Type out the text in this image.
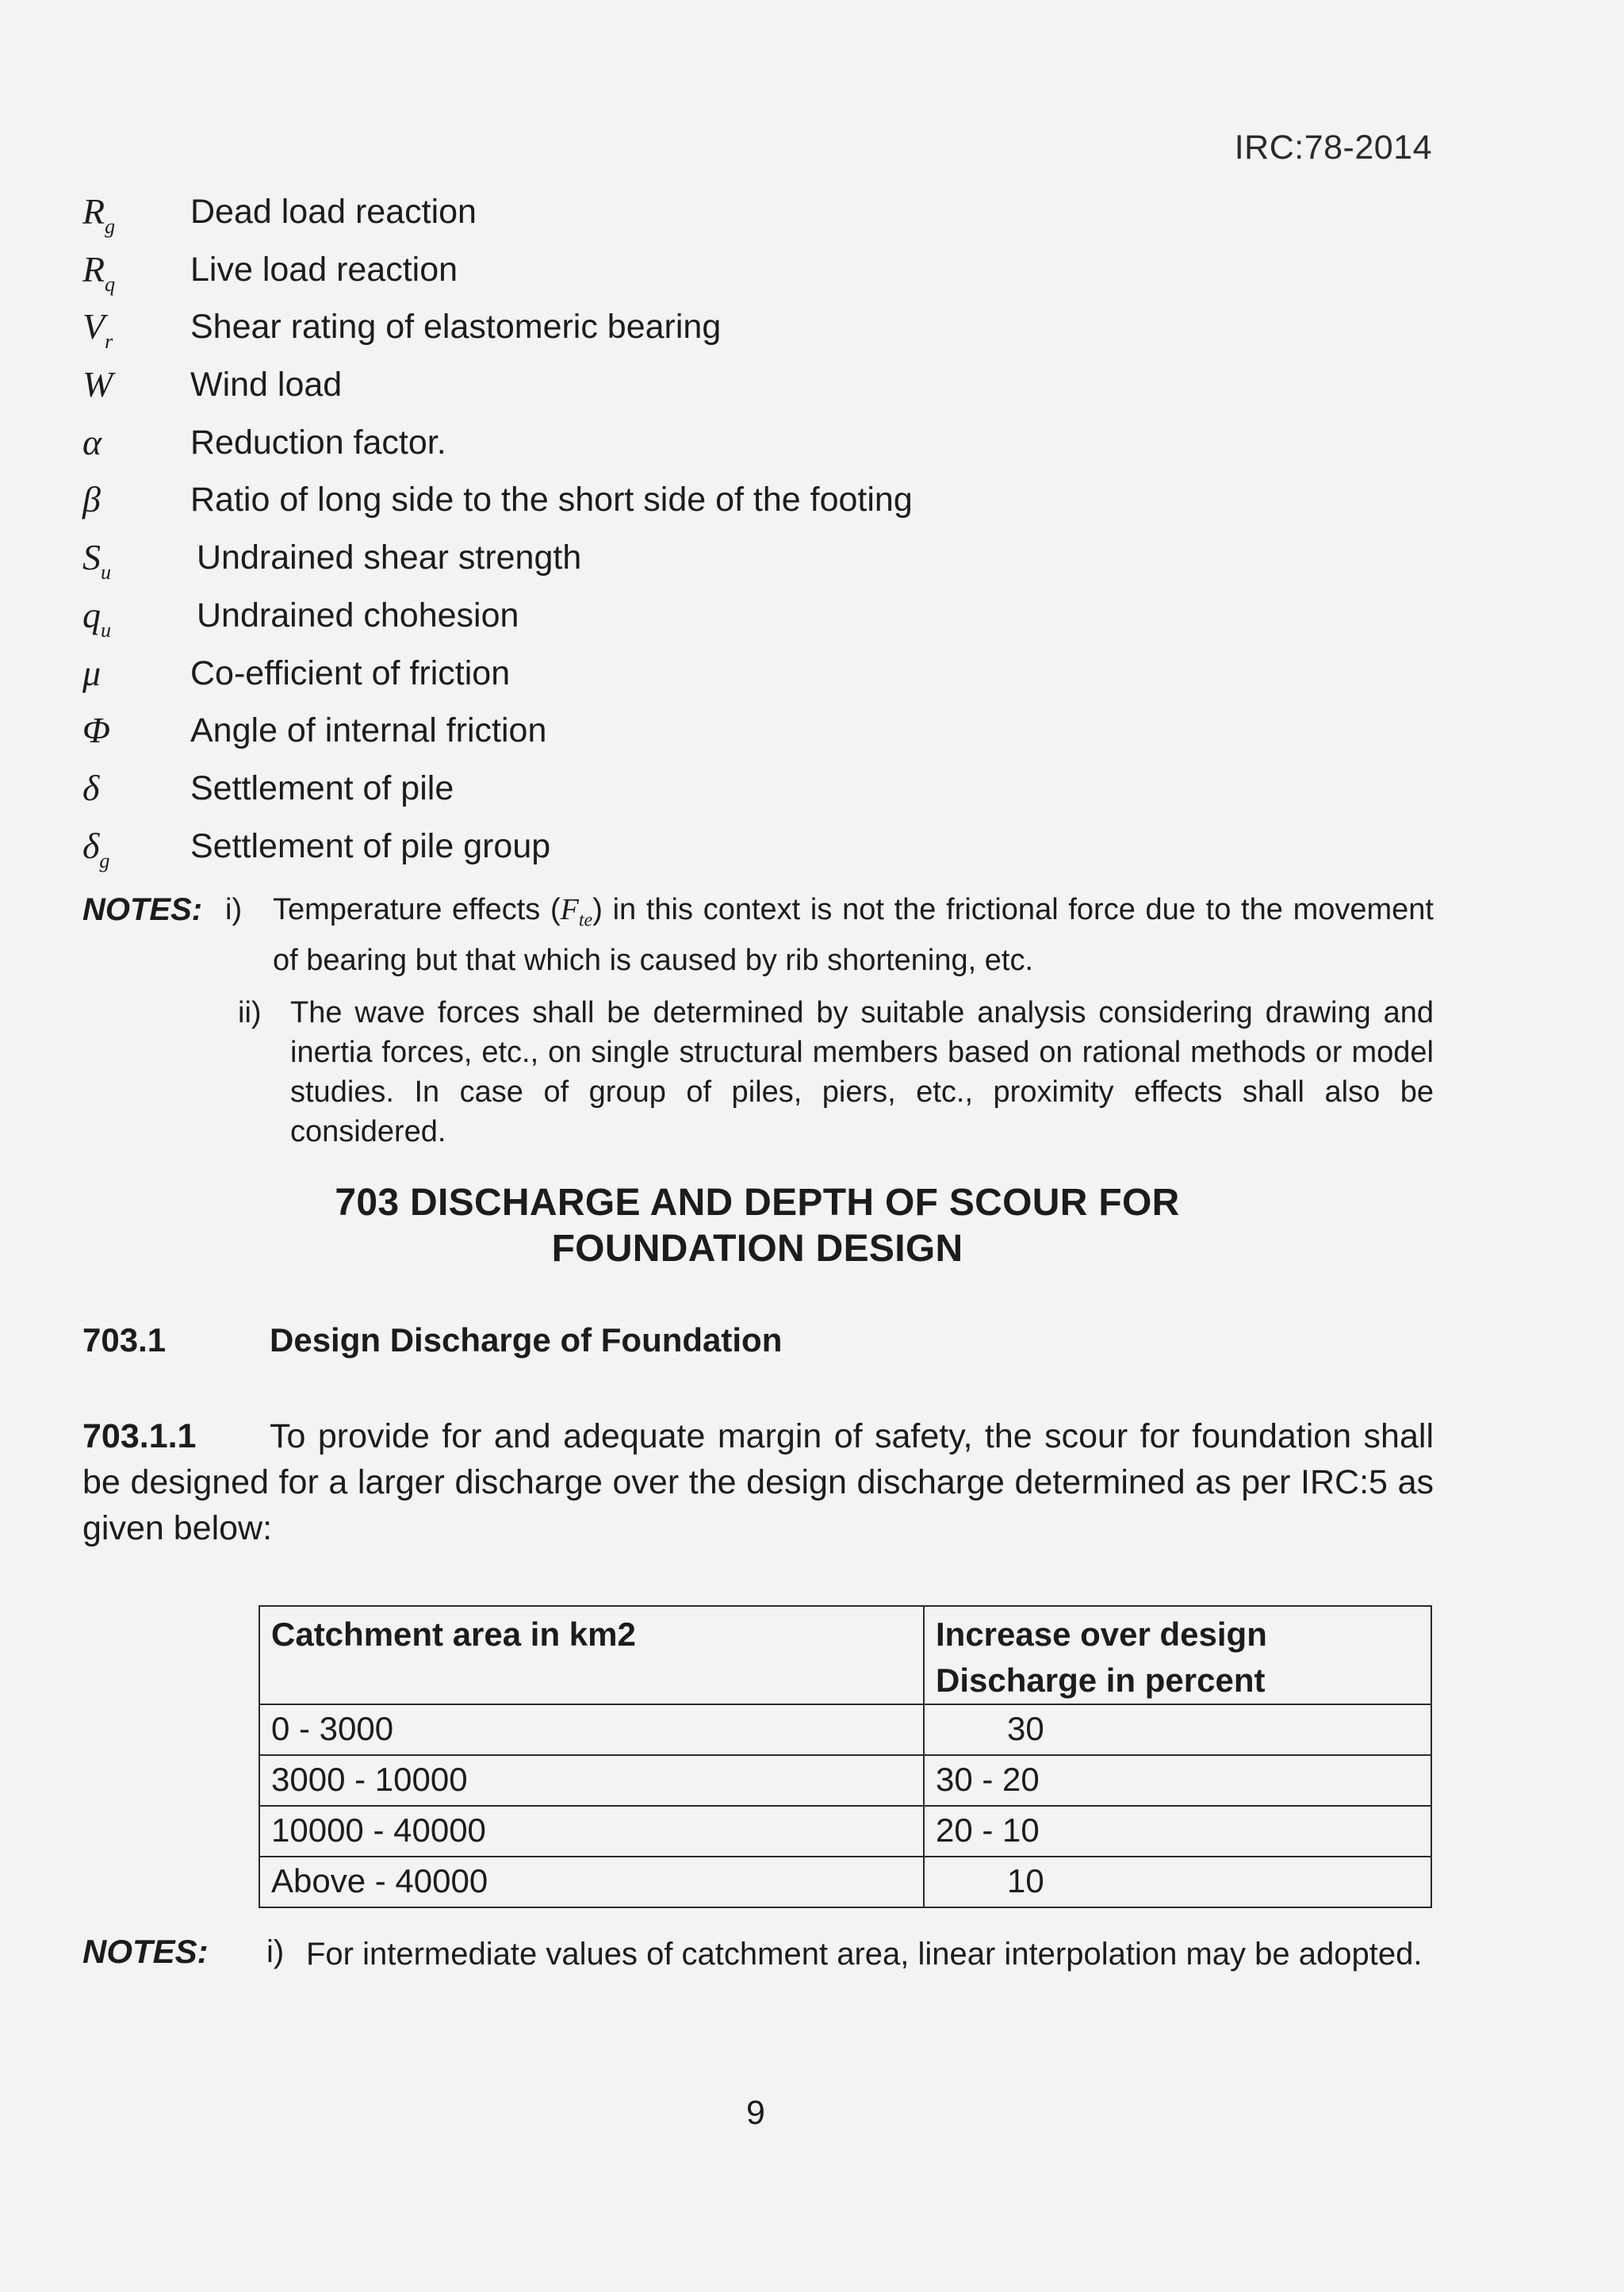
IRC:78-2014
$R_g$ Dead load reaction
$R_q$ Live load reaction
$V_r$ Shear rating of elastomeric bearing
W Wind load
α	Reduction factor.
β	Ratio of long side to the short side of the footing
$S_u$	Undrained shear strength
$q_u$	Undrained chohesion
μ	Co-efficient of friction
Φ Angle of internal friction
δ	Settlement of pile
$\delta_g$ Settlement of pile group
NOTES: i) Temperature effects $(F_{te})$ in this context is not the frictional force due to the movement of bearing but that which is caused by rib shortening, etc.
ii) The wave forces shall be determined by suitable analysis considering drawing and inertia forces, etc., on single structural members based on rational methods or model studies. In case of group of piles, piers, etc., proximity effects shall also be considered.
703 DISCHARGE AND DEPTH OF SCOUR FOR
FOUNDATION DESIGN
703.1	Design Discharge of Foundation
703.1.1 To provide for and adequate margin of safety, the scour for foundation shall be designed for a larger discharge over the design discharge determined as per IRC:5 as given below:
Catchment area in km2	Increase over design Discharge in percent
0 - 3000	30
3000 - 10000	30 - 20
10000 - 40000	20 - 10
Above - 40000	10
NOTES: i) For intermediate values of catchment area, linear interpolation may be adopted.
9
